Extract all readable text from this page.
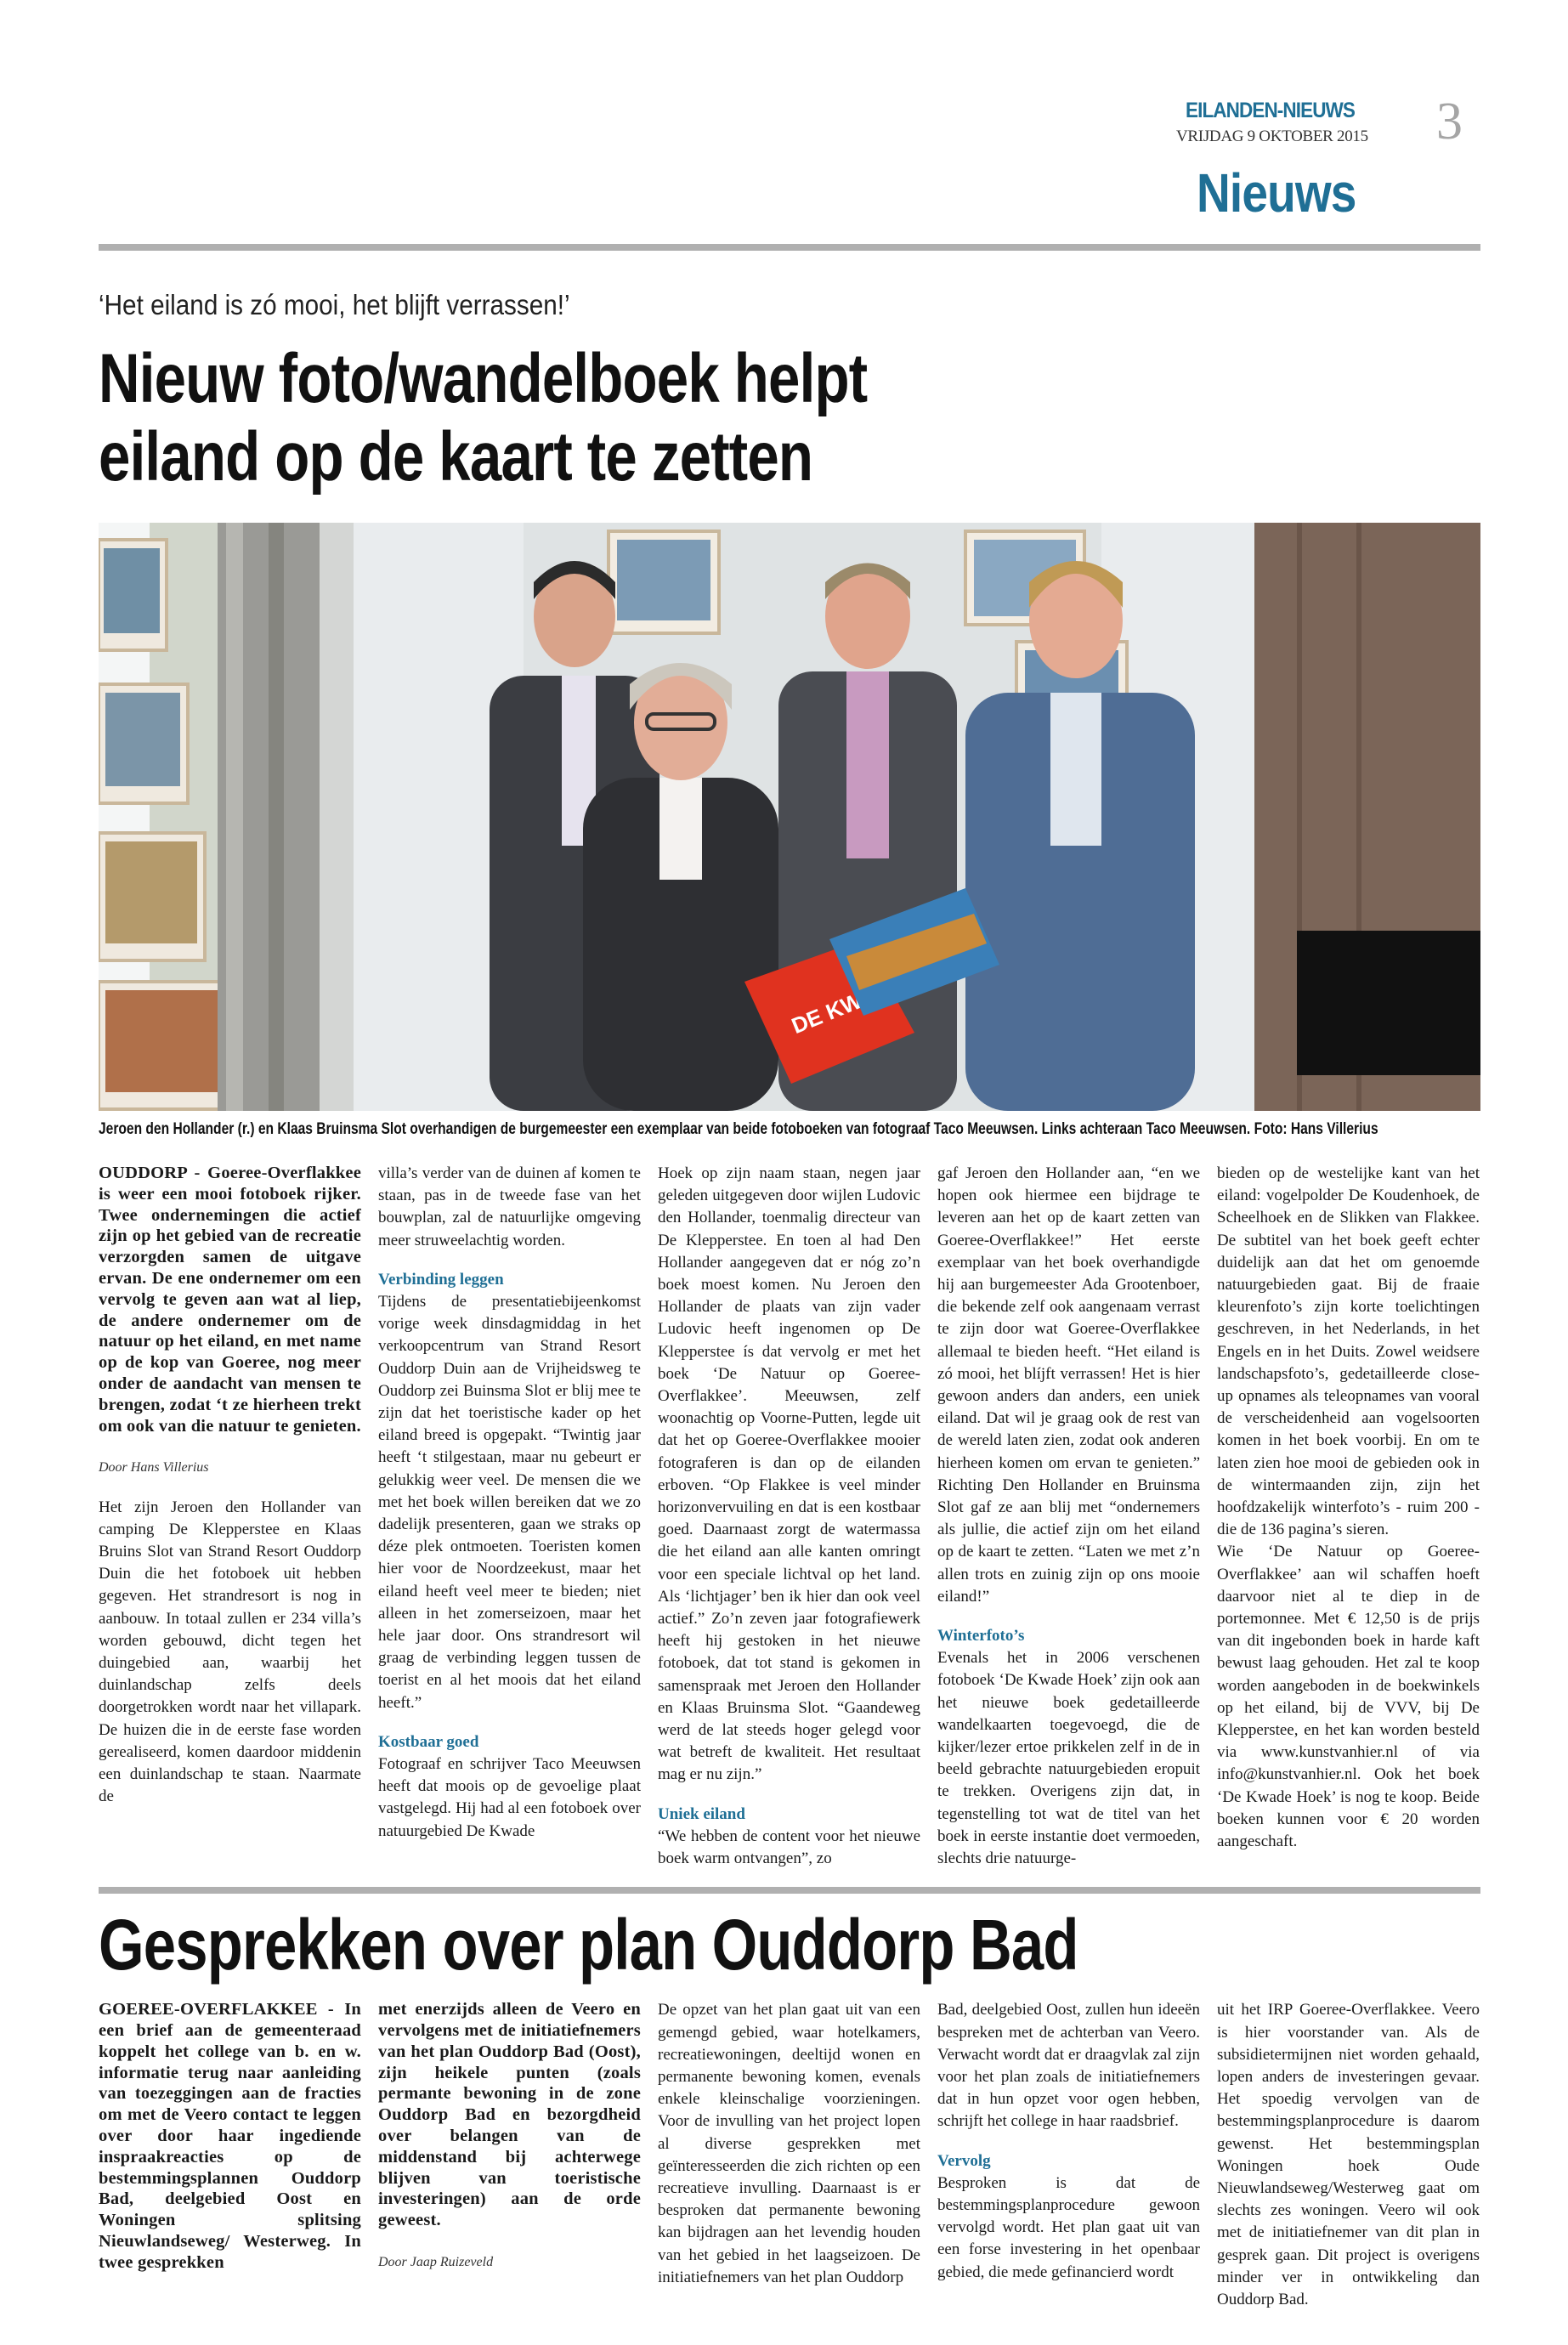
EILANDEN-NIEUWS
VRIJDAG 9 OKTOBER 2015 3
Nieuws
‘Het eiland is zó mooi, het blijft verrassen!’
Nieuw foto/wandelboek helpt
eiland op de kaart te zetten
DE
Jeroen den Hollander (r.) en Klaas Bruinsma Slot overhandigen de burgemeester een exemplaar van beide fotoboeken van fotograaf Taco Meeuwsen. Links achteraan Taco Meeuwsen. Foto: Hans Villerius

OUDDORP - Goeree-Overflakkee is weer een mooi fotoboek rijker. Twee ondernemingen die actief zijn op het gebied van de recreatie verzorgden samen de uitgave ervan. De ene ondernemer om een vervolg te geven aan wat al liep, de andere ondernemer om de natuur op het eiland, en met name op de kop van Goeree, nog meer onder de aandacht van mensen te brengen, zodat ‘t ze hierheen trekt om ook van die natuur te genieten.

Door Hans Villerius

Het zijn Jeroen den Hollander van camping De Klepperstee en Klaas Bruins Slot van Strand Resort Ouddorp Duin die het fotoboek uit hebben gegeven. Het strandresort is nog in aanbouw. In totaal zullen er 234 villa’s worden gebouwd, dicht tegen het duingebied aan, waarbij het duinlandschap zelfs deels doorgetrokken wordt naar het villapark. De huizen die in de eerste fase worden gerealiseerd, komen daardoor middenin een duinlandschap te staan. Naarmate de

villa’s verder van de duinen af komen te staan, pas in de tweede fase van het bouwplan, zal de natuurlijke omgeving meer struweelachtig worden.

Verbinding leggen

Tijdens de presentatiebijeenkomst vorige week dinsdagmiddag in het verkoopcentrum van Strand Resort Ouddorp Duin aan de Vrijheidsweg te Ouddorp zei Buinsma Slot er blij mee te zijn dat het toeristische kader op het eiland breed is opgepakt. “Twintig jaar heeft ‘t stilgestaan, maar nu gebeurt er gelukkig weer veel. De mensen die we met het boek willen bereiken dat we zo dadelijk presenteren, gaan we straks op déze plek ontmoeten. Toeristen komen hier voor de Noordzeekust, maar het eiland heeft veel meer te bieden; niet alleen in het zomerseizoen, maar het hele jaar door. Ons strandresort wil graag de verbinding leggen tussen de toerist en al het moois dat het eiland heeft.”

Kostbaar goed

Fotograaf en schrijver Taco Meeuwsen heeft dat moois op de gevoelige plaat vastgelegd. Hij had al een fotoboek over natuurgebied De Kwade

Hoek op zijn naam staan, negen jaar geleden uitgegeven door wijlen Ludovic den Hollander, toenmalig directeur van De Klepperstee. En toen al had Den Hollander aangegeven dat er nóg zo’n boek moest komen. Nu Jeroen den Hollander de plaats van zijn vader Ludovic heeft ingenomen op De Klepperstee ís dat vervolg er met het boek ‘De Natuur op Goeree-Overflakkee’. Meeuwsen, zelf woonachtig op Voorne-Putten, legde uit dat het op Goeree-Overflakkee mooier fotograferen is dan op de eilanden erboven. “Op Flakkee is veel minder horizonvervuiling en dat is een kostbaar goed. Daarnaast zorgt de watermassa die het eiland aan alle kanten omringt voor een speciale lichtval op het land. Als ‘lichtjager’ ben ik hier dan ook veel actief.” Zo’n zeven jaar fotografiewerk heeft hij gestoken in het nieuwe fotoboek, dat tot stand is gekomen in samenspraak met Jeroen den Hollander en Klaas Bruinsma Slot. “Gaandeweg werd de lat steeds hoger gelegd voor wat betreft de kwaliteit. Het resultaat mag er nu zijn.”

Uniek eiland

“We hebben de content voor het nieuwe boek warm ontvangen”, zo

gaf Jeroen den Hollander aan, “en we hopen ook hiermee een bijdrage te leveren aan het op de kaart zetten van Goeree-Overflakkee!” Het eerste exemplaar van het boek overhandigde hij aan burgemeester Ada Grootenboer, die bekende zelf ook aangenaam verrast te zijn door wat Goeree-Overflakkee allemaal te bieden heeft. “Het eiland is zó mooi, het blíjft verrassen! Het is hier gewoon anders dan anders, een uniek eiland. Dat wil je graag ook de rest van de wereld laten zien, zodat ook anderen hierheen komen om ervan te genieten.” Richting Den Hollander en Bruinsma Slot gaf ze aan blij met “ondernemers als jullie, die actief zijn om het eiland op de kaart te zetten. “Laten we met z’n allen trots en zuinig zijn op ons mooie eiland!”

Winterfoto’s

Evenals het in 2006 verschenen fotoboek ‘De Kwade Hoek’ zijn ook aan het nieuwe boek gedetailleerde wandelkaarten toegevoegd, die de kijker/lezer ertoe prikkelen zelf in de in beeld gebrachte natuurgebieden eropuit te trekken. Overigens zijn dat, in tegenstelling tot wat de titel van het boek in eerste instantie doet vermoeden, slechts drie natuurge-

bieden op de westelijke kant van het eiland: vogelpolder De Koudenhoek, de Scheelhoek en de Slikken van Flakkee. De subtitel van het boek geeft echter duidelijk aan dat het om genoemde natuurgebieden gaat. Bij de fraaie kleurenfoto’s zijn korte toelichtingen geschreven, in het Nederlands, in het Engels en in het Duits. Zowel weidsere landschapsfoto’s, gedetailleerde close-up opnames als teleopnames van vooral de verscheidenheid aan vogelsoorten komen in het boek voorbij. En om te laten zien hoe mooi de gebieden ook in de wintermaanden zijn, zijn het hoofdzakelijk winterfoto’s - ruim 200 - die de 136 pagina’s sieren.

Wie ‘De Natuur op Goeree-Overflakkee’ aan wil schaffen hoeft daarvoor niet al te diep in de portemonnee. Met € 12,50 is de prijs van dit ingebonden boek in harde kaft bewust laag gehouden. Het zal te koop worden aangeboden in de boekwinkels op het eiland, bij de VVV, bij De Klepperstee, en het kan worden besteld via www.kunstvanhier.nl of via info@kunstvanhier.nl. Ook het boek ‘De Kwade Hoek’ is nog te koop. Beide boeken kunnen voor € 20 worden aangeschaft.

Gesprekken over plan Ouddorp Bad

GOEREE-OVERFLAKKEE - In een brief aan de gemeenteraad koppelt het college van b. en w. informatie terug naar aanleiding van toezeggingen aan de fracties om met de Veero contact te leggen over door haar ingediende inspraakreacties op de bestemmingsplannen Ouddorp Bad, deelgebied Oost en Woningen splitsing Nieuwlandseweg/ Westerweg. In twee gesprekken

met enerzijds alleen de Veero en vervolgens met de initiatiefnemers van het plan Ouddorp Bad (Oost), zijn heikele punten (zoals permante bewoning in de zone Ouddorp Bad en bezorgdheid over belangen van de middenstand bij achterwege blijven van toeristische investeringen) aan de orde geweest.

Door Jaap Ruizeveld

De opzet van het plan gaat uit van een gemengd gebied, waar hotelkamers, recreatiewoningen, deeltijd wonen en permanente bewoning komen, evenals enkele kleinschalige voorzieningen. Voor de invulling van het project lopen al diverse gesprekken met geïnteresseerden die zich richten op een recreatieve invulling. Daarnaast is er besproken dat permanente bewoning kan bijdragen aan het levendig houden van het gebied in het laagseizoen. De initiatiefnemers van het plan Ouddorp

Bad, deelgebied Oost, zullen hun ideeën bespreken met de achterban van Veero. Verwacht wordt dat er draagvlak zal zijn voor het plan zoals de initiatiefnemers dat in hun opzet voor ogen hebben, schrijft het college in haar raadsbrief.

Vervolg

Besproken is dat de bestemmingsplanprocedure gewoon vervolgd wordt. Het plan gaat uit van een forse investering in het openbaar gebied, die mede gefinancierd wordt

uit het IRP Goeree-Overflakkee. Veero is hier voorstander van. Als de subsidietermijnen niet worden gehaald, lopen anders de investeringen gevaar. Het spoedig vervolgen van de bestemmingsplanprocedure is daarom gewenst. Het bestemmingsplan Woningen hoek Oude Nieuwlandseweg/Westerweg gaat om slechts zes woningen. Veero wil ook met de initiatiefnemer van dit plan in gesprek gaan. Dit project is overigens minder ver in ontwikkeling dan Ouddorp Bad.
